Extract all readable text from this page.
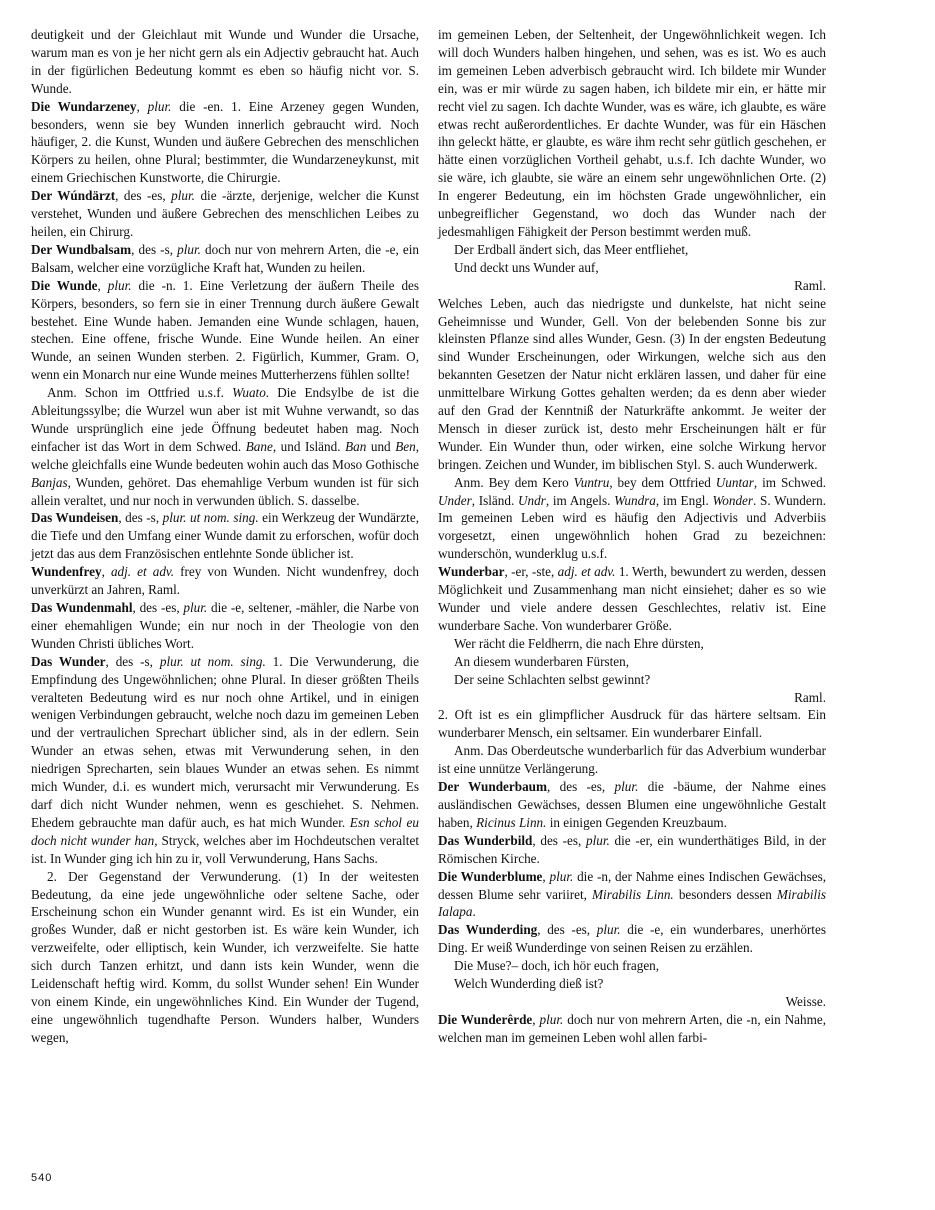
deutigkeit und der Gleichlaut mit Wunde und Wunder die Ursache, warum man es von je her nicht gern als ein Adjectiv gebraucht hat. Auch in der figürlichen Bedeutung kommt es eben so häufig nicht vor. S. Wunde.

Die Wundarzeney, plur. die -en. 1. Eine Arzeney gegen Wunden, besonders, wenn sie bey Wunden innerlich gebraucht wird. Noch häufiger, 2. die Kunst, Wunden und äußere Gebrechen des menschlichen Körpers zu heilen, ohne Plural; bestimmter, die Wundarzeneykunst, mit einem Griechischen Kunstworte, die Chirurgie.

Der Wúndärzt, des -es, plur. die -ärzte, derjenige, welcher die Kunst verstehet, Wunden und äußere Gebrechen des menschlichen Leibes zu heilen, ein Chirurg.

Der Wundbalsam, des -s, plur. doch nur von mehrern Arten, die -e, ein Balsam, welcher eine vorzügliche Kraft hat, Wunden zu heilen.

Die Wunde, plur. die -n. 1. Eine Verletzung der äußern Theile des Körpers, besonders, so fern sie in einer Trennung durch äußere Gewalt bestehet. Eine Wunde haben. Jemanden eine Wunde schlagen, hauen, stechen. Eine offene, frische Wunde. Eine Wunde heilen. An einer Wunde, an seinen Wunden sterben. 2. Figürlich, Kummer, Gram. O, wenn ein Monarch nur eine Wunde meines Mutterherzens fühlen sollte!

Anm. Schon im Ottfried u.s.f. Wuato. Die Endsylbe de ist die Ableitungssylbe; die Wurzel wun aber ist mit Wuhne verwandt, so das Wunde ursprünglich eine jede Öffnung bedeutet haben mag. Noch einfacher ist das Wort in dem Schwed. Bane, und Isländ. Ban und Ben, welche gleichfalls eine Wunde bedeuten wohin auch das Moso Gothische Banjas, Wunden, gehöret. Das ehemahlige Verbum wunden ist für sich allein veraltet, und nur noch in verwunden üblich. S. dasselbe.

Das Wundeisen, des -s, plur. ut nom. sing. ein Werkzeug der Wundärzte, die Tiefe und den Umfang einer Wunde damit zu erforschen, wofür doch jetzt das aus dem Französischen entlehnte Sonde üblicher ist.

Wundenfrey, adj. et adv. frey von Wunden. Nicht wundenfrey, doch unverkürzt an Jahren, Raml.

Das Wundenmahl, des -es, plur. die -e, seltener, -mähler, die Narbe von einer ehemahligen Wunde; ein nur noch in der Theologie von den Wunden Christi übliches Wort.

Das Wunder, des -s, plur. ut nom. sing. 1. Die Verwunderung, die Empfindung des Ungewöhnlichen; ohne Plural. In dieser größten Theils veralteten Bedeutung wird es nur noch ohne Artikel, und in einigen wenigen Verbindungen gebraucht, welche noch dazu im gemeinen Leben und der vertraulichen Sprechart üblicher sind, als in der edlern. Sein Wunder an etwas sehen, etwas mit Verwunderung sehen, in den niedrigen Sprecharten, sein blaues Wunder an etwas sehen. Es nimmt mich Wunder, d.i. es wundert mich, verursacht mir Verwunderung. Es darf dich nicht Wunder nehmen, wenn es geschiehet. S. Nehmen. Ehedem gebrauchte man dafür auch, es hat mich Wunder. Esn schol eu doch nicht wunder han, Stryck, welches aber im Hochdeutschen veraltet ist. In Wunder ging ich hin zu ir, voll Verwunderung, Hans Sachs.

2. Der Gegenstand der Verwunderung. (1) In der weitesten Bedeutung, da eine jede ungewöhnliche oder seltene Sache, oder Erscheinung schon ein Wunder genannt wird. Es ist ein Wunder, ein großes Wunder, daß er nicht gestorben ist. Es wäre kein Wunder, ich verzweifelte, oder elliptisch, kein Wunder, ich verzweifelte. Sie hatte sich durch Tanzen erhitzt, und dann ists kein Wunder, wenn die Leidenschaft heftig wird. Komm, du sollst Wunder sehen! Ein Wunder von einem Kinde, ein ungewöhnliches Kind. Ein Wunder der Tugend, eine ungewöhnlich tugendhafte Person. Wunders halber, Wunders wegen,

im gemeinen Leben, der Seltenheit, der Ungewöhnlichkeit wegen. Ich will doch Wunders halben hingehen, und sehen, was es ist. Wo es auch im gemeinen Leben adverbisch gebraucht wird. Ich bildete mir Wunder ein, was er mir würde zu sagen haben, ich bildete mir ein, er hätte mir recht viel zu sagen. Ich dachte Wunder, was es wäre, ich glaubte, es wäre etwas recht außerordentliches. Er dachte Wunder, was für ein Häschen ihn geleckt hätte, er glaubte, es wäre ihm recht sehr gütlich geschehen, er hätte einen vorzüglichen Vortheil gehabt, u.s.f. Ich dachte Wunder, wo sie wäre, ich glaubte, sie wäre an einem sehr ungewöhnlichen Orte. (2) In engerer Bedeutung, ein im höchsten Grade ungewöhnlicher, ein unbegreiflicher Gegenstand, wo doch das Wunder nach der jedesmahligen Fähigkeit der Person bestimmt werden muß.

Der Erdball ändert sich, das Meer entfliehet,

Und deckt uns Wunder auf,

Raml.

Welches Leben, auch das niedrigste und dunkelste, hat nicht seine Geheimnisse und Wunder, Gell. Von der belebenden Sonne bis zur kleinsten Pflanze sind alles Wunder, Gesn. (3) In der engsten Bedeutung sind Wunder Erscheinungen, oder Wirkungen, welche sich aus den bekannten Gesetzen der Natur nicht erklären lassen, und daher für eine unmittelbare Wirkung Gottes gehalten werden; da es denn aber wieder auf den Grad der Kenntniß der Naturkräfte ankommt. Je weiter der Mensch in dieser zurück ist, desto mehr Erscheinungen hält er für Wunder. Ein Wunder thun, oder wirken, eine solche Wirkung hervor bringen. Zeichen und Wunder, im biblischen Styl. S. auch Wunderwerk.

Anm. Bey dem Kero Vuntru, bey dem Ottfried Uuntar, im Schwed. Under, Isländ. Undr, im Angels. Wundra, im Engl. Wonder. S. Wundern. Im gemeinen Leben wird es häufig den Adjectivis und Adverbiis vorgesetzt, einen ungewöhnlich hohen Grad zu bezeichnen: wunderschön, wunderklug u.s.f.

Wunderbar, -er, -ste, adj. et adv. 1. Werth, bewundert zu werden, dessen Möglichkeit und Zusammenhang man nicht einsiehet; daher es so wie Wunder und viele andere dessen Geschlechtes, relativ ist. Eine wunderbare Sache. Von wunderbarer Größe.

Wer rächt die Feldherrn, die nach Ehre dürsten,

An diesem wunderbaren Fürsten,

Der seine Schlachten selbst gewinnt?

Raml.

2. Oft ist es ein glimpflicher Ausdruck für das härtere seltsam. Ein wunderbarer Mensch, ein seltsamer. Ein wunderbarer Einfall.

Anm. Das Oberdeutsche wunderbarlich für das Adverbium wunderbar ist eine unnütze Verlängerung.

Der Wunderbaum, des -es, plur. die -bäume, der Nahme eines ausländischen Gewächses, dessen Blumen eine ungewöhnliche Gestalt haben, Ricinus Linn. in einigen Gegenden Kreuzbaum.

Das Wunderbild, des -es, plur. die -er, ein wunderthätiges Bild, in der Römischen Kirche.

Die Wunderblume, plur. die -n, der Nahme eines Indischen Gewächses, dessen Blume sehr variiret, Mirabilis Linn. besonders dessen Mirabilis Ialapa.

Das Wunderding, des -es, plur. die -e, ein wunderbares, unerhörtes Ding. Er weiß Wunderdinge von seinen Reisen zu erzählen.

Die Muse?– doch, ich hör euch fragen,

Welch Wunderding dieß ist?

Weisse.

Die Wunderêrde, plur. doch nur von mehrern Arten, die -n, ein Nahme, welchen man im gemeinen Leben wohl allen farbi-

540
